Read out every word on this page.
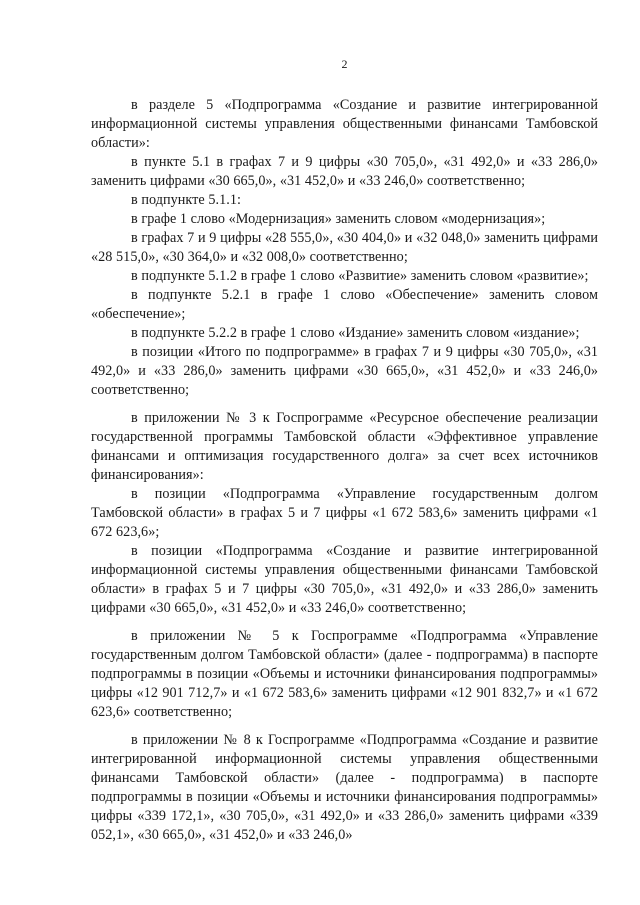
2

в разделе 5 «Подпрограмма «Создание и развитие интегрированной информационной системы управления общественными финансами Тамбовской области»:

в пункте 5.1 в графах 7 и 9 цифры «30 705,0», «31 492,0» и «33 286,0» заменить цифрами «30 665,0», «31 452,0» и «33 246,0» соответственно;

в подпункте 5.1.1:

в графе 1 слово «Модернизация» заменить словом «модернизация»;

в графах 7 и 9 цифры «28 555,0», «30 404,0» и «32 048,0» заменить цифрами «28 515,0», «30 364,0» и «32 008,0» соответственно;

в подпункте 5.1.2 в графе 1 слово «Развитие» заменить словом «развитие»;

в подпункте 5.2.1 в графе 1 слово «Обеспечение» заменить словом «обеспечение»;

в подпункте 5.2.2 в графе 1 слово «Издание» заменить словом «издание»;

в позиции «Итого по подпрограмме» в графах 7 и 9 цифры «30 705,0», «31 492,0» и «33 286,0» заменить цифрами «30 665,0», «31 452,0» и «33 246,0» соответственно;

в приложении № 3 к Госпрограмме «Ресурсное обеспечение реализации государственной программы Тамбовской области «Эффективное управление финансами и оптимизация государственного долга» за счет всех источников финансирования»:

в позиции «Подпрограмма «Управление государственным долгом Тамбовской области» в графах 5 и 7 цифры «1 672 583,6» заменить цифрами «1 672 623,6»;

в позиции «Подпрограмма «Создание и развитие интегрированной информационной системы управления общественными финансами Тамбовской области» в графах 5 и 7 цифры «30 705,0», «31 492,0» и «33 286,0» заменить цифрами «30 665,0», «31 452,0» и «33 246,0» соответственно;

в приложении № 5 к Госпрограмме «Подпрограмма «Управление государственным долгом Тамбовской области» (далее - подпрограмма) в паспорте подпрограммы в позиции «Объемы и источники финансирования подпрограммы» цифры «12 901 712,7» и «1 672 583,6» заменить цифрами «12 901 832,7» и «1 672 623,6» соответственно;

в приложении № 8 к Госпрограмме «Подпрограмма «Создание и развитие интегрированной информационной системы управления общественными финансами Тамбовской области» (далее - подпрограмма) в паспорте подпрограммы в позиции «Объемы и источники финансирования подпрограммы» цифры «339 172,1», «30 705,0», «31 492,0» и «33 286,0» заменить цифрами «339 052,1», «30 665,0», «31 452,0» и «33 246,0»
